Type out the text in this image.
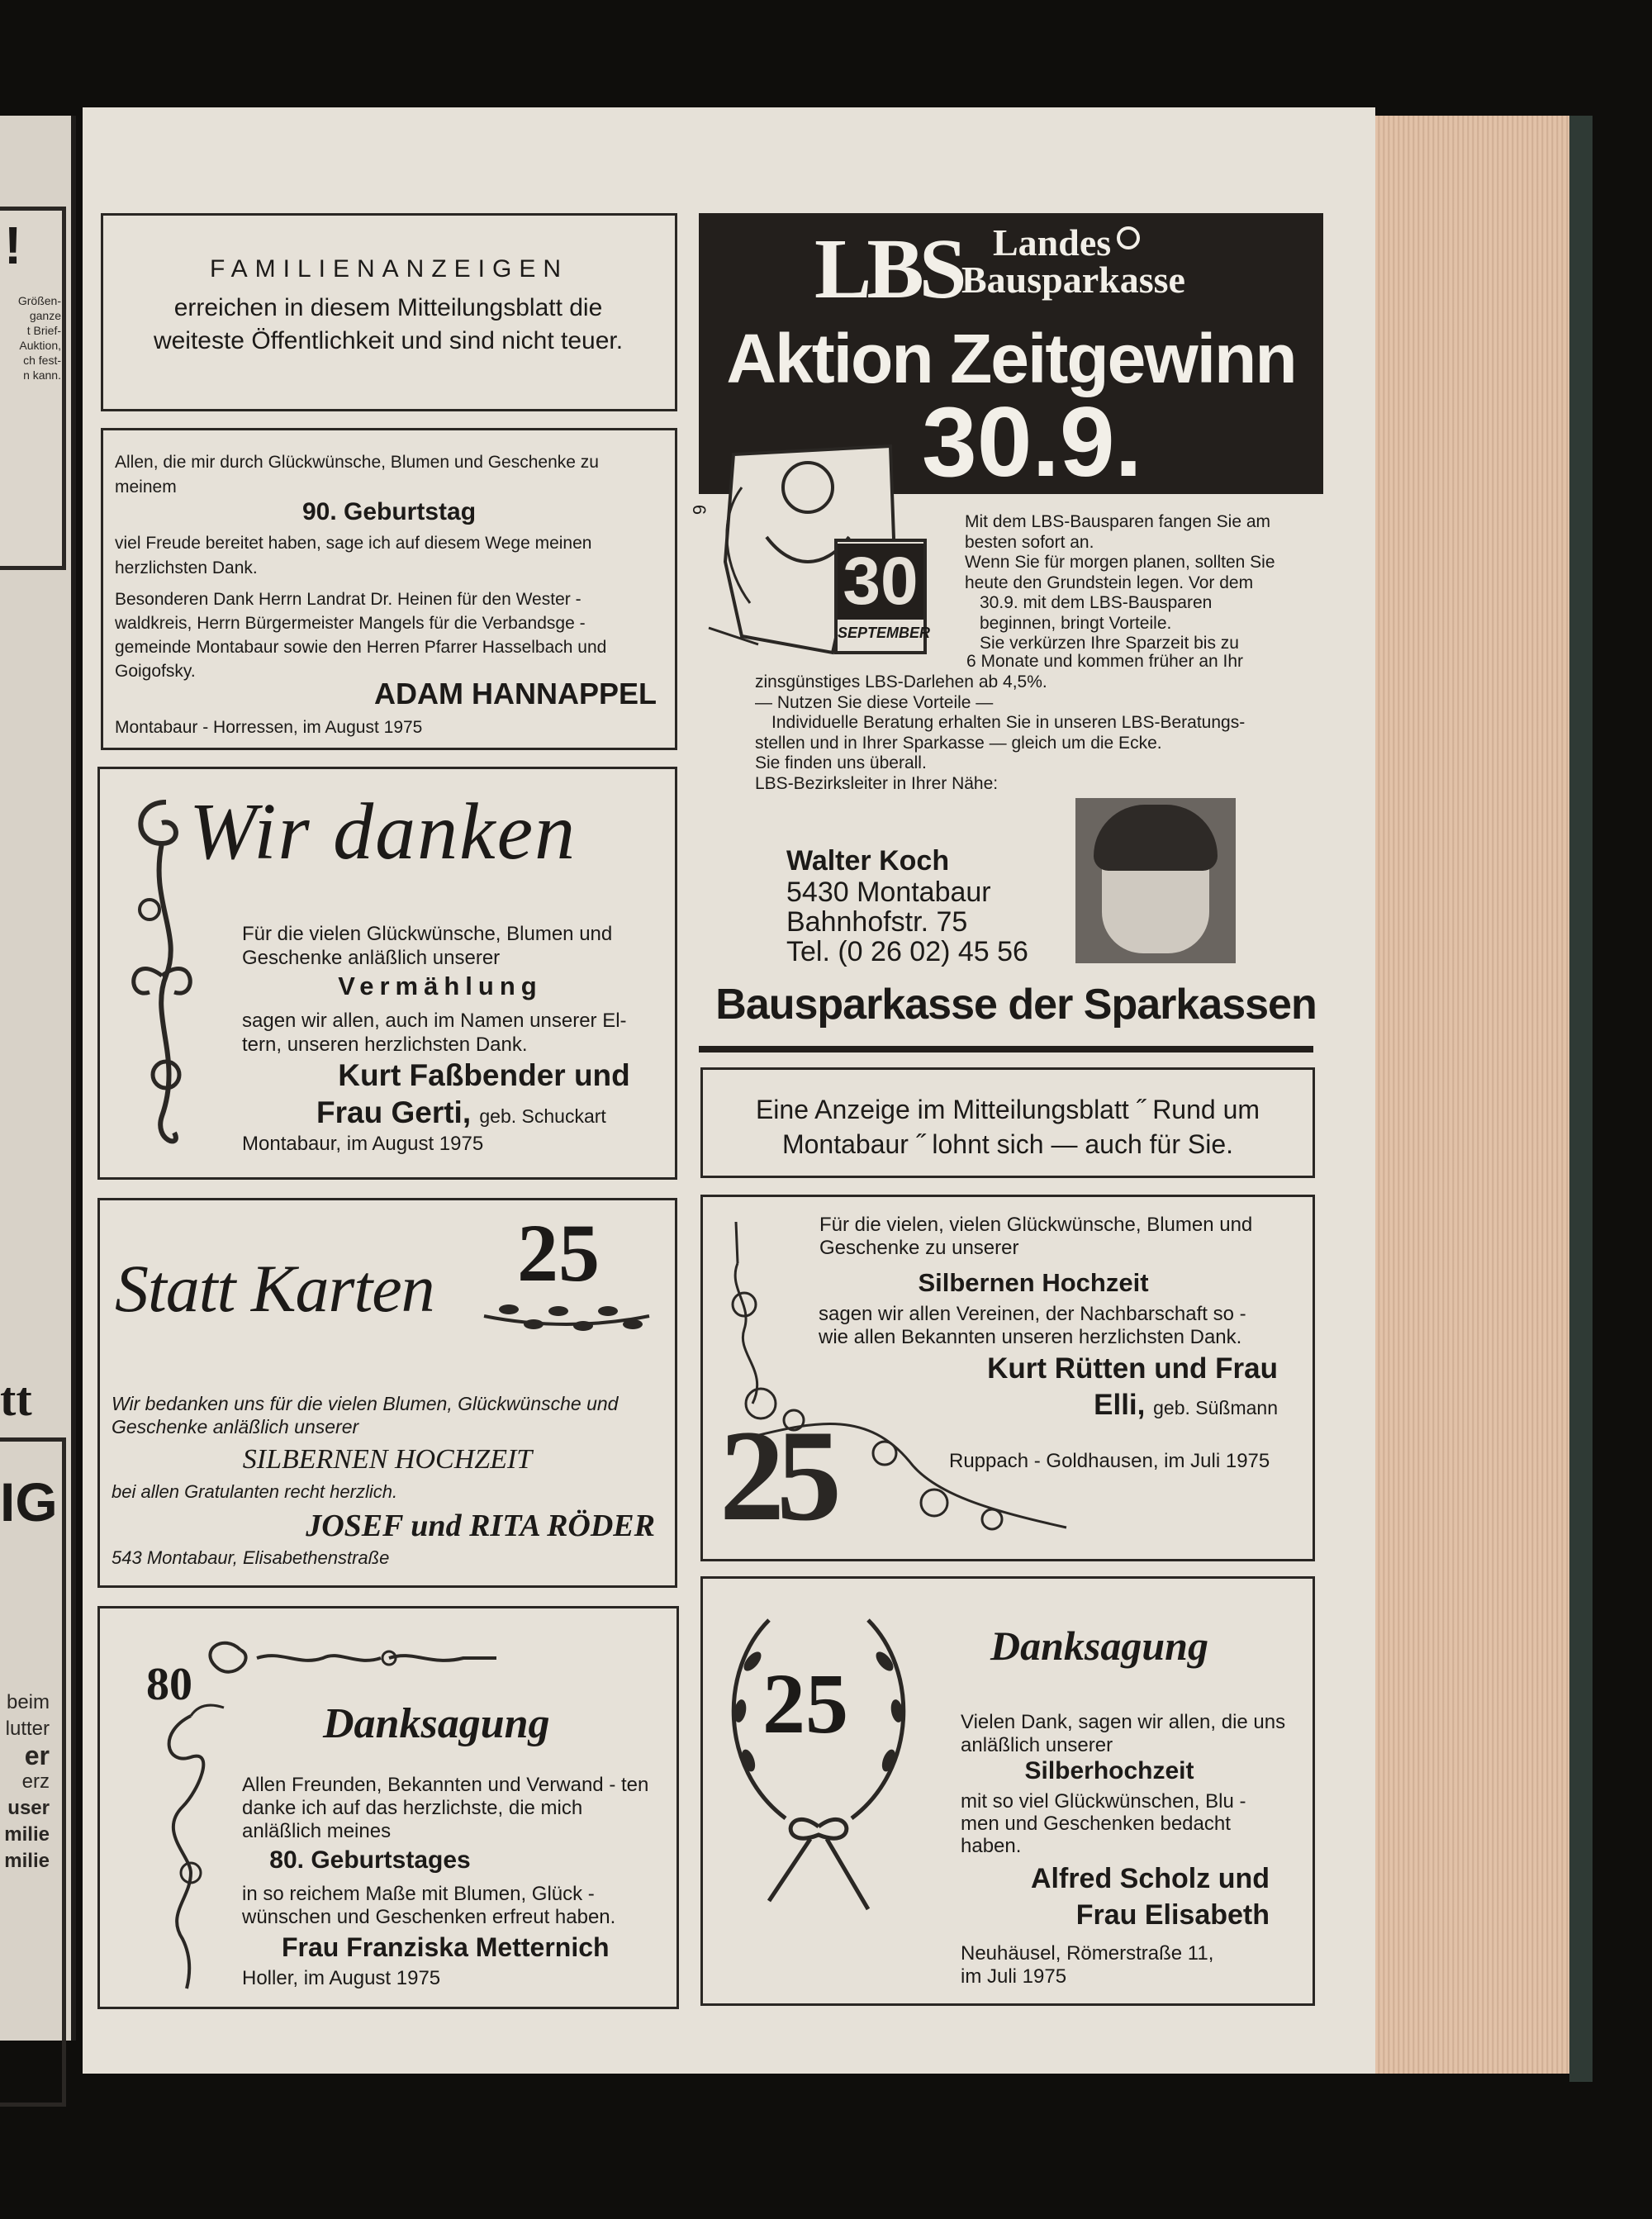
!
Größen-
ganze
t Brief-
Auktion,
ch fest-
n kann.
tt
IG
beim
lutter
er
erz
user
milie
milie
FAMILIENANZEIGEN
erreichen in diesem Mitteilungsblatt die weiteste Öffentlichkeit und sind nicht teuer.
Allen, die mir durch Glückwünsche, Blumen und Geschenke zu meinem
90. Geburtstag
viel Freude bereitet haben, sage ich auf diesem Wege meinen herzlichsten Dank.
Besonderen Dank Herrn Landrat Dr. Heinen für den Wester - waldkreis, Herrn Bürgermeister Mangels für die Verbandsge - gemeinde Montabaur sowie den Herren Pfarrer Hasselbach und Goigofsky.
ADAM HANNAPPEL
Montabaur - Horressen, im August 1975
Wir danken
Für die vielen Glückwünsche, Blumen und Geschenke anläßlich unserer
Vermählung
sagen wir allen, auch im Namen unserer El- tern, unseren herzlichsten Dank.
Kurt Faßbender und
Frau Gerti, geb. Schuckart
Montabaur, im August 1975
Statt Karten 25
Wir bedanken uns für die vielen Blumen, Glückwünsche und Geschenke anläßlich unserer
SILBERNEN HOCHZEIT
bei allen Gratulanten recht herzlich.
JOSEF und RITA RÖDER
543 Montabaur, Elisabethenstraße
80
Danksagung
Allen Freunden, Bekannten und Verwand - ten danke ich auf das herzlichste, die mich anläßlich meines
80. Geburtstages
in so reichem Maße mit Blumen, Glück - wünschen und Geschenken erfreut haben.
Frau Franziska Metternich
Holler, im August 1975
LBS Landes
Bausparkasse
Aktion Zeitgewinn
30.9.
30
SEPTEMBER
6
Mit dem LBS-Bausparen fangen Sie am
besten sofort an.
Wenn Sie für morgen planen, sollten Sie
heute den Grundstein legen. Vor dem
30.9. mit dem LBS-Bausparen
beginnen, bringt Vorteile.
Sie verkürzen Ihre Sparzeit bis zu
6 Monate und kommen früher an Ihr
zinsgünstiges LBS-Darlehen ab 4,5%.
— Nutzen Sie diese Vorteile —
Individuelle Beratung erhalten Sie in unseren LBS-Beratungs-
stellen und in Ihrer Sparkasse — gleich um die Ecke.
Sie finden uns überall.
LBS-Bezirksleiter in Ihrer Nähe:
Walter Koch
5430 Montabaur
Bahnhofstr. 75
Tel. (0 26 02) 45 56
Bausparkasse der Sparkassen
Eine Anzeige im Mitteilungsblatt ˝ Rund um
Montabaur ˝ lohnt sich — auch für Sie.
25
Für die vielen, vielen Glückwünsche, Blumen und Geschenke zu unserer
Silbernen Hochzeit
sagen wir allen Vereinen, der Nachbarschaft so - wie allen Bekannten unseren herzlichsten Dank.
Kurt Rütten und Frau
Elli, geb. Süßmann
Ruppach - Goldhausen, im Juli 1975
25
Danksagung
Vielen Dank, sagen wir allen, die uns anläßlich unserer
Silberhochzeit
mit so viel Glückwünschen, Blu - men und Geschenken bedacht haben.
Alfred Scholz und
Frau Elisabeth
Neuhäusel, Römerstraße 11,
im Juli 1975
